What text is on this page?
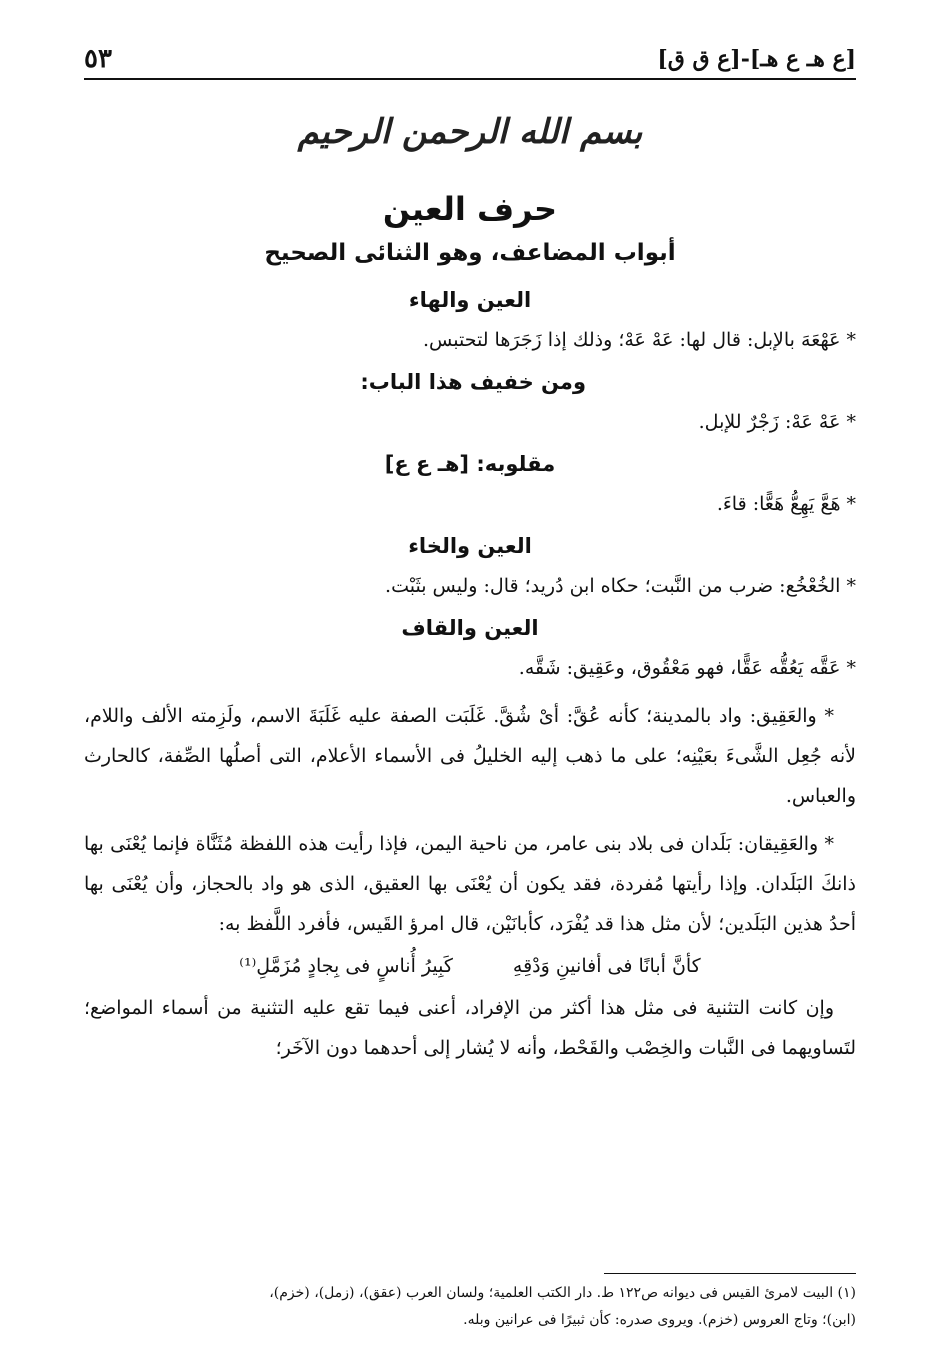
٥٣	[ع هـ ع هـ]-[ع ق ق]
بسم الله الرحمن الرحيم
حرف العين
أبواب المضاعف، وهو الثنائى الصحيح
العين والهاء

* عَهْعَهَ بالإبل: قال لها: عَهْ عَهْ؛ وذلك إذا زَجَرَها لتحتبس.

ومن خفيف هذا الباب:

* عَهْ عَهْ: زَجْرٌ للإبل.

مقلوبه: [هـ ع ع]

* هَعَّ يَهِعُّ هَعًّا: قاءَ.

العين والخاء

* الخُعْخُع: ضرب من النَّبت؛ حكاه ابن دُريد؛ قال: وليس بثَبْت.

العين والقاف

* عَقَّه يَعُقُّه عَقًّا، فهو مَعْقُوق، وعَقِيق: شَقَّه.

* والعَقِيق: واد بالمدينة؛ كأنه عُقَّ: أىْ شُقَّ. غَلَبَت الصفة عليه غَلَبَةَ الاسم، ولَزِمته الألف واللام، لأنه جُعِل الشَّىءَ بعَيْنِه؛ على ما ذهب إليه الخليلُ فى الأسماء الأعلام، التى أصلُها الصِّفة، كالحارث والعباس.

* والعَقِيقان: بَلَدان فى بلاد بنى عامر، من ناحية اليمن، فإذا رأيت هذه اللفظة مُثَنَّاة فإنما يُعْنَى بها ذانكَ البَلَدان. وإذا رأيتها مُفردة، فقد يكون أن يُعْنَى بها العقيق، الذى هو واد بالحجاز، وأن يُعْنَى بها أحدُ هذين البَلَدين؛ لأن مثل هذا قد يُفْرَد، كأبانَيْن، قال امرؤ القَيس، فأفرد اللَّفظ به:

كأنَّ أبانًا فى أفانينِ وَدْقِهِ
كَبِيرُ أُناسٍ فى بِجادٍ مُزَمَّلِ⁽¹⁾

وإن كانت التثنية فى مثل هذا أكثر من الإفراد، أعنى فيما تقع عليه التثنية من أسماء المواضع؛ لتَساويهما فى النَّبات والخِصْب والقَحْط، وأنه لا يُشار إلى أحدهما دون الآخَر؛

(١) البيت لامرئ القيس فى ديوانه ص١٢٢ ط. دار الكتب العلمية؛ ولسان العرب (عقق)، (زمل)، (خزم)،

(ابن)؛ وتاج العروس (خزم). ويروى صدره: كأن ثبيرًا فى عرانين وبله.
